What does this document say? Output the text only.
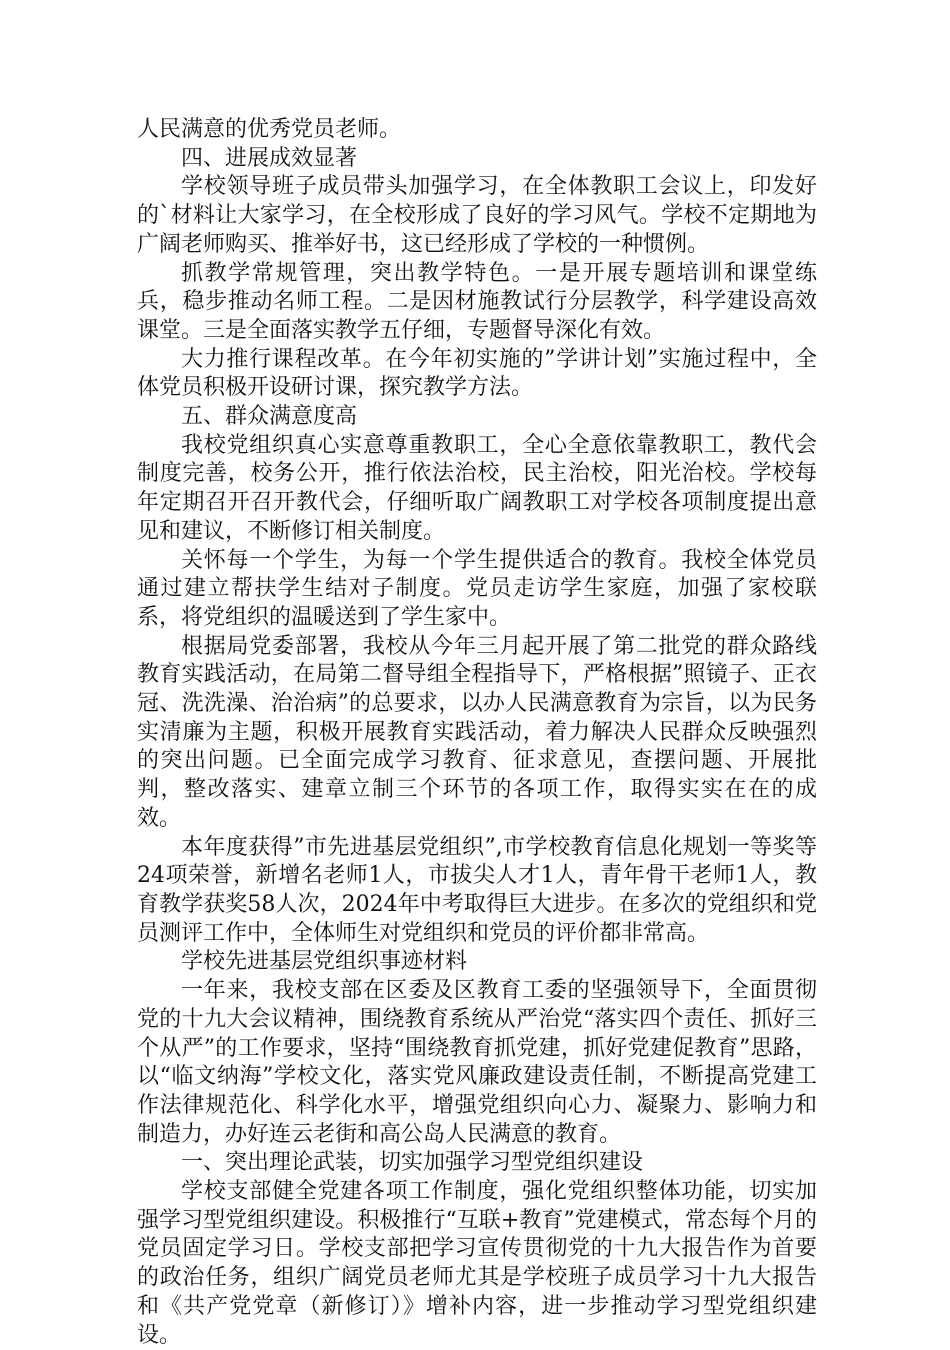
人民满意的优秀党员老师。

四、进展成效显著

学校领导班子成员带头加强学习，在全体教职工会议上，印发好的`材料让大家学习，在全校形成了良好的学习风气。学校不定期地为广阔老师购买、推举好书，这已经形成了学校的一种惯例。

抓教学常规管理，突出教学特色。一是开展专题培训和课堂练兵，稳步推动名师工程。二是因材施教试行分层教学，科学建设高效课堂。三是全面落实教学五仔细，专题督导深化有效。

大力推行课程改革。在今年初实施的”学讲计划”实施过程中，全体党员积极开设研讨课，探究教学方法。

五、群众满意度高

我校党组织真心实意尊重教职工，全心全意依靠教职工，教代会制度完善，校务公开，推行依法治校，民主治校，阳光治校。学校每年定期召开召开教代会，仔细听取广阔教职工对学校各项制度提出意见和建议，不断修订相关制度。

关怀每一个学生，为每一个学生提供适合的教育。我校全体党员通过建立帮扶学生结对子制度。党员走访学生家庭，加强了家校联系，将党组织的温暖送到了学生家中。

根据局党委部署，我校从今年三月起开展了第二批党的群众路线教育实践活动，在局第二督导组全程指导下，严格根据”照镜子、正衣冠、洗洗澡、治治病”的总要求，以办人民满意教育为宗旨，以为民务实清廉为主题，积极开展教育实践活动，着力解决人民群众反映强烈的突出问题。已全面完成学习教育、征求意见，查摆问题、开展批判，整改落实、建章立制三个环节的各项工作，取得实实在在的成效。

本年度获得”市先进基层党组织”,市学校教育信息化规划一等奖等24项荣誉，新增名老师1人，市拔尖人才1人，青年骨干老师1人，教育教学获奖58人次，2024年中考取得巨大进步。在多次的党组织和党员测评工作中，全体师生对党组织和党员的评价都非常高。

学校先进基层党组织事迹材料

一年来，我校支部在区委及区教育工委的坚强领导下，全面贯彻党的十九大会议精神，围绕教育系统从严治党“落实四个责任、抓好三个从严”的工作要求，坚持“围绕教育抓党建，抓好党建促教育”思路，以“临文纳海”学校文化，落实党风廉政建设责任制，不断提高党建工作法律规范化、科学化水平，增强党组织向心力、凝聚力、影响力和制造力，办好连云老街和高公岛人民满意的教育。

一、突出理论武装，切实加强学习型党组织建设

学校支部健全党建各项工作制度，强化党组织整体功能，切实加强学习型党组织建设。积极推行“互联+教育”党建模式，常态每个月的党员固定学习日。学校支部把学习宣传贯彻党的十九大报告作为首要的政治任务，组织广阔党员老师尤其是学校班子成员学习十九大报告和《共产党党章（新修订）》增补内容，进一步推动学习型党组织建设。
